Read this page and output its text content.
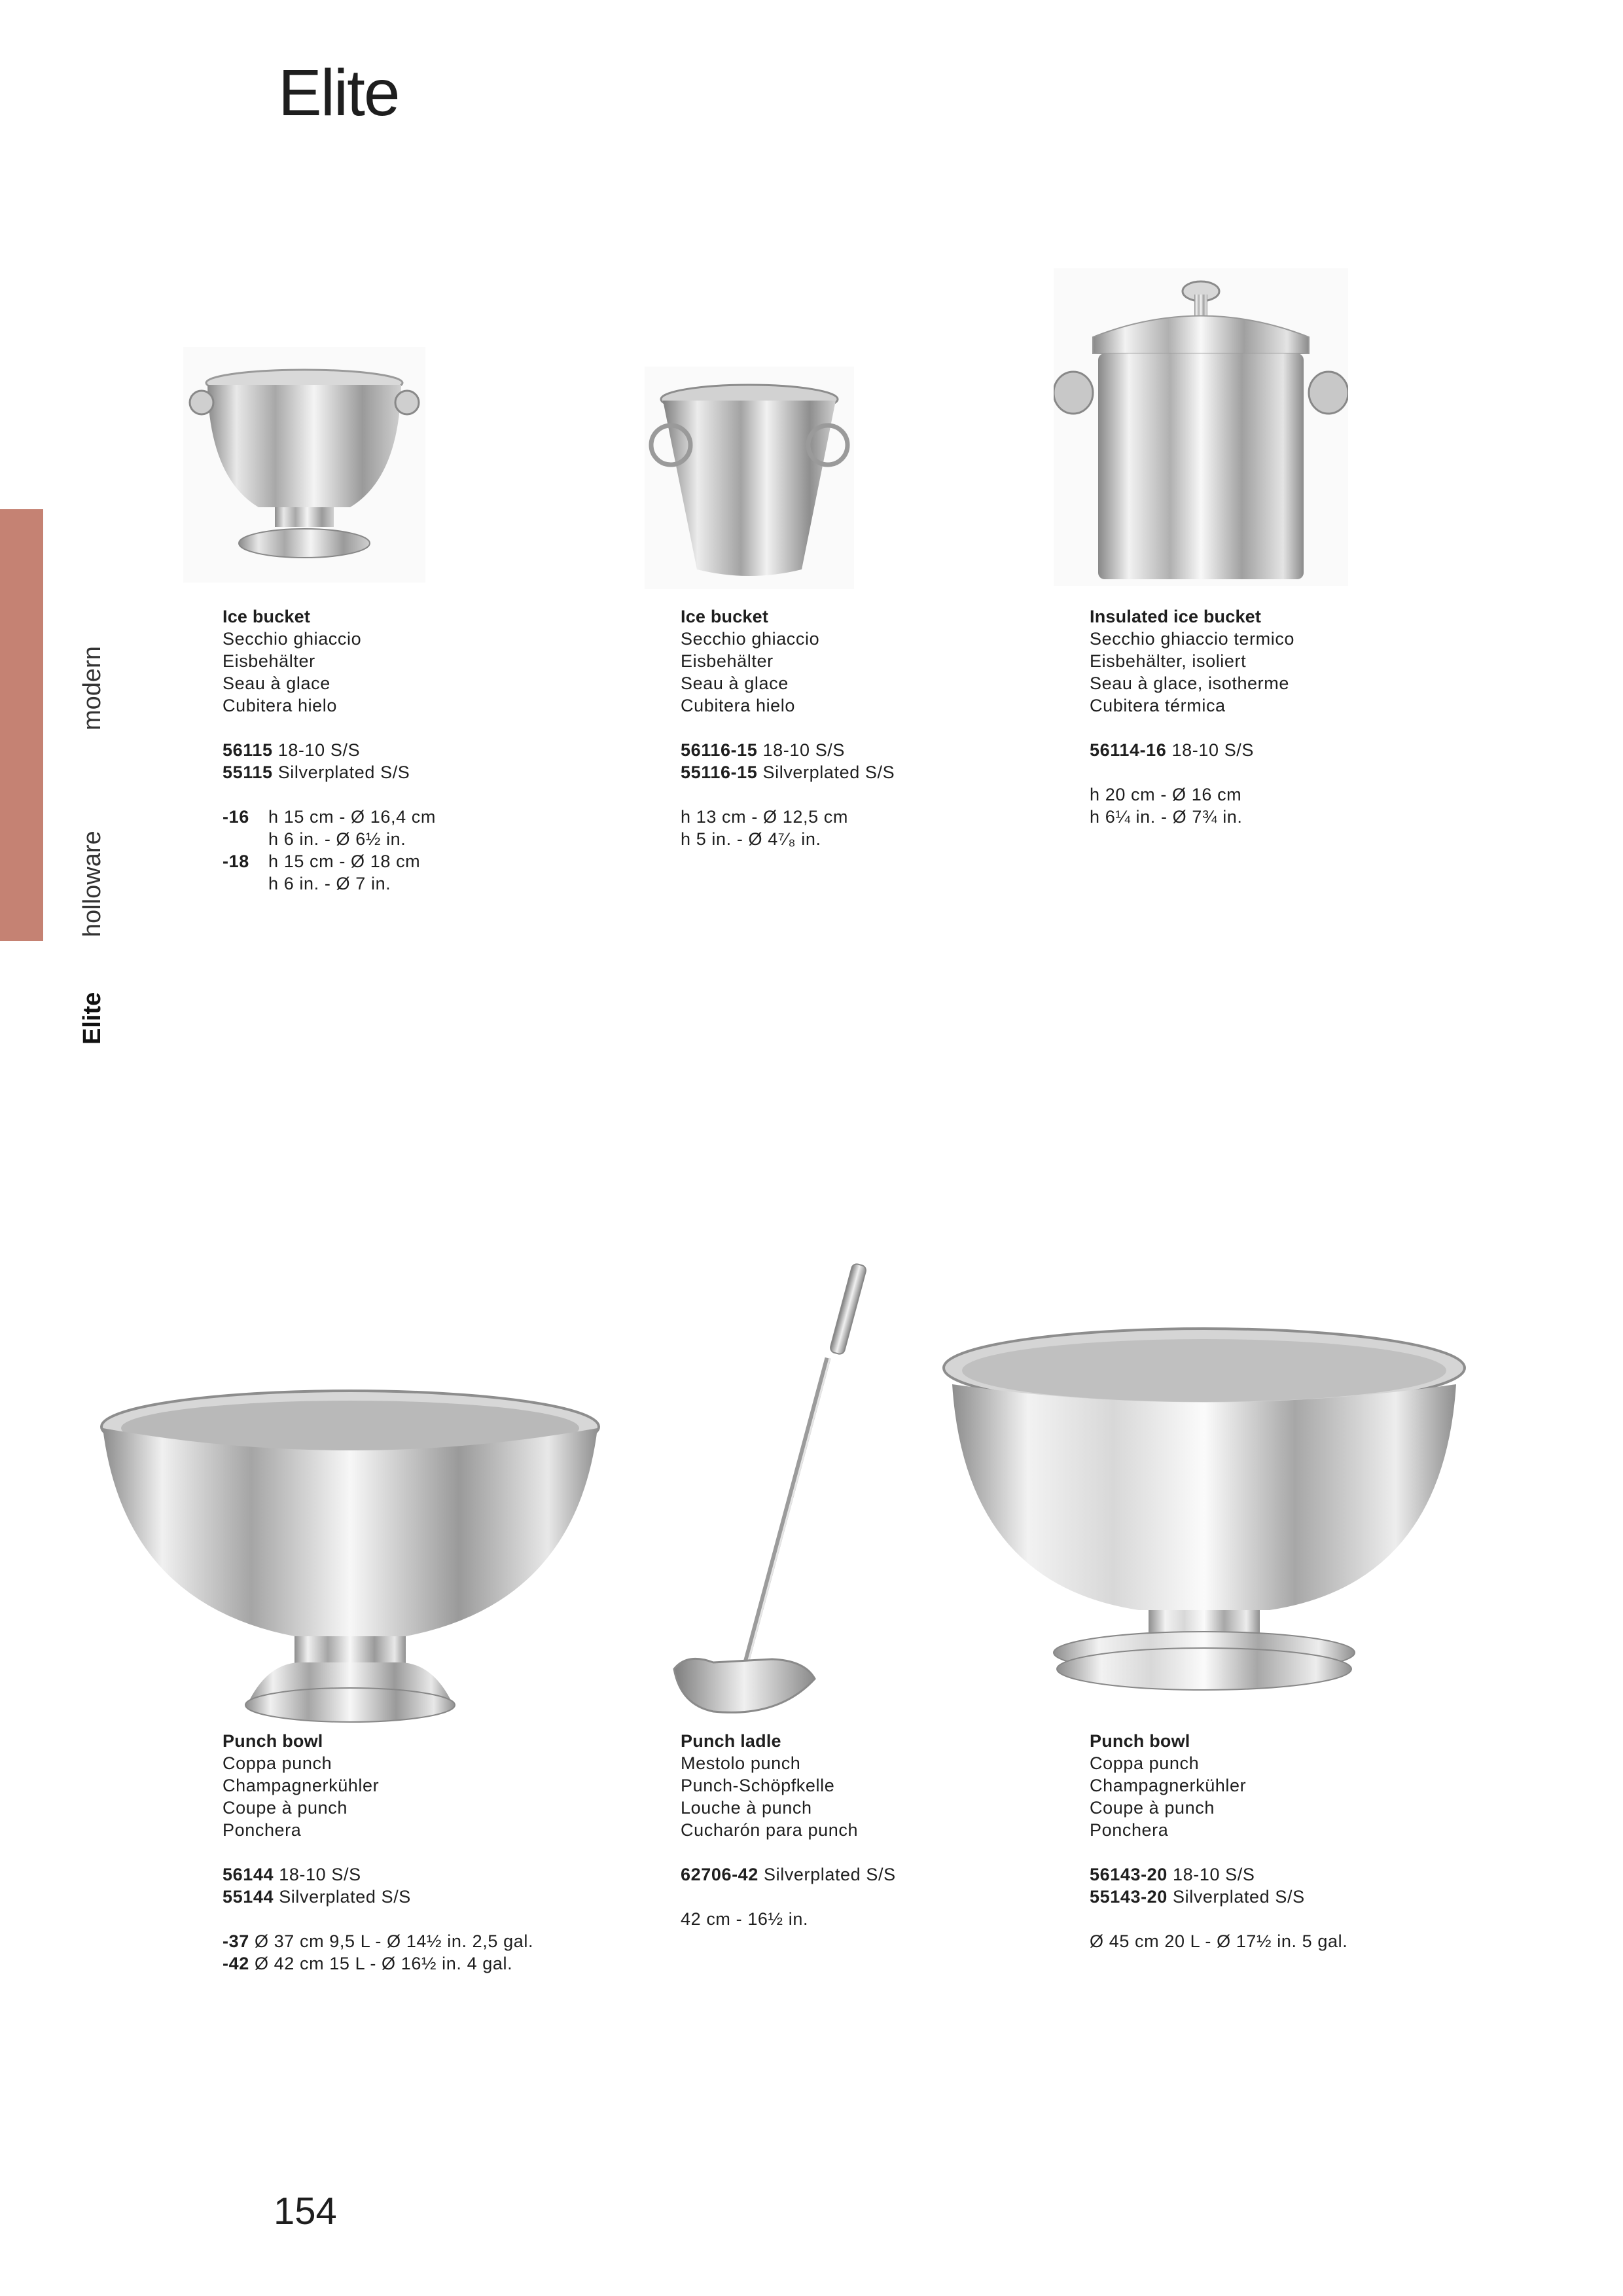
Elite
Elite
holloware
modern
Ice bucket
Secchio ghiaccio
Eisbehälter
Seau à glace
Cubitera hielo
56115 18-10 S/S
55115 Silverplated S/S
-16	h 15 cm - Ø 16,4 cm
h 6 in. - Ø 6½ in.
-18	h 15 cm - Ø 18 cm
h 6 in. - Ø 7 in.
Ice bucket
Secchio ghiaccio
Eisbehälter
Seau à glace
Cubitera hielo
56116-15 18-10 S/S
55116-15 Silverplated S/S
h 13 cm - Ø 12,5 cm
h 5 in. - Ø 4⁷⁄₈ in.
Insulated ice bucket
Secchio ghiaccio termico
Eisbehälter, isoliert
Seau à glace, isotherme
Cubitera térmica
56114-16 18-10 S/S
h 20 cm - Ø 16 cm
h 6¼ in. - Ø 7¾ in.
Punch bowl
Coppa punch
Champagnerkühler
Coupe à punch
Ponchera
56144 18-10 S/S
55144 Silverplated S/S
-37 Ø 37 cm 9,5 L - Ø 14½ in. 2,5 gal.
-42 Ø 42 cm 15 L - Ø 16½ in. 4 gal.
Punch ladle
Mestolo punch
Punch-Schöpfkelle
Louche à punch
Cucharón para punch
62706-42 Silverplated S/S
42 cm - 16½ in.
Punch bowl
Coppa punch
Champagnerkühler
Coupe à punch
Ponchera
56143-20 18-10 S/S
55143-20 Silverplated S/S
Ø 45 cm 20 L - Ø 17½ in. 5 gal.
154
